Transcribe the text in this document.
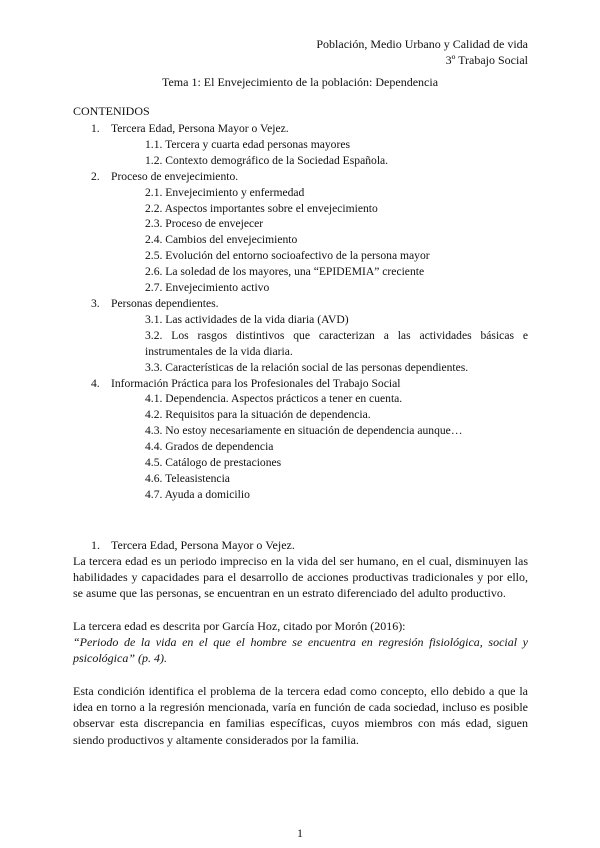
Población, Medio Urbano y Calidad de vida
3º Trabajo Social
Tema 1: El Envejecimiento de la población: Dependencia
CONTENIDOS
1. Tercera Edad, Persona Mayor o Vejez.
1.1. Tercera y cuarta edad personas mayores
1.2. Contexto demográfico de la Sociedad Española.
2. Proceso de envejecimiento.
2.1. Envejecimiento y enfermedad
2.2. Aspectos importantes sobre el envejecimiento
2.3. Proceso de envejecer
2.4. Cambios del envejecimiento
2.5. Evolución del entorno socioafectivo de la persona mayor
2.6. La soledad de los mayores, una “EPIDEMIA” creciente
2.7. Envejecimiento activo
3. Personas dependientes.
3.1. Las actividades de la vida diaria (AVD)
3.2. Los rasgos distintivos que caracterizan a las actividades básicas e instrumentales de la vida diaria.
3.3. Características de la relación social de las personas dependientes.
4. Información Práctica para los Profesionales del Trabajo Social
4.1. Dependencia. Aspectos prácticos a tener en cuenta.
4.2. Requisitos para la situación de dependencia.
4.3. No estoy necesariamente en situación de dependencia aunque…
4.4. Grados de dependencia
4.5. Catálogo de prestaciones
4.6. Teleasistencia
4.7. Ayuda a domicilio
1. Tercera Edad, Persona Mayor o Vejez.

La tercera edad es un periodo impreciso en la vida del ser humano, en el cual, disminuyen las habilidades y capacidades para el desarrollo de acciones productivas tradicionales y por ello, se asume que las personas, se encuentran en un estrato diferenciado del adulto productivo.

La tercera edad es descrita por García Hoz, citado por Morón (2016):

“Periodo de la vida en el que el hombre se encuentra en regresión fisiológica, social y psicológica” (p. 4).

Esta condición identifica el problema de la tercera edad como concepto, ello debido a que la idea en torno a la regresión mencionada, varía en función de cada sociedad, incluso es posible observar esta discrepancia en familias específicas, cuyos miembros con más edad, siguen siendo productivos y altamente considerados por la familia.

1
